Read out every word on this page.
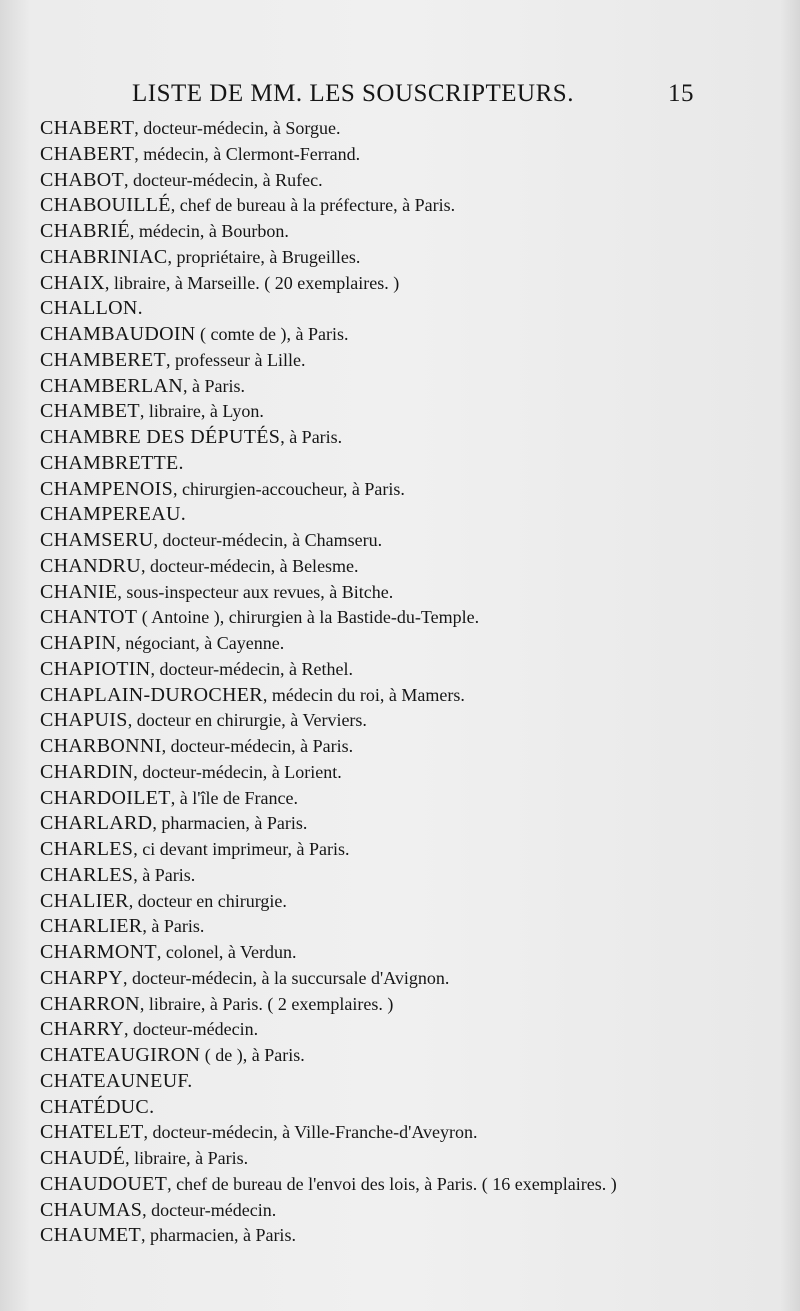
LISTE DE MM. LES SOUSCRIPTEURS.	15
CHABERT, docteur-médecin, à Sorgue.
CHABERT, médecin, à Clermont-Ferrand.
CHABOT, docteur-médecin, à Rufec.
CHABOUILLÉ, chef de bureau à la préfecture, à Paris.
CHABRIÉ, médecin, à Bourbon.
CHABRINIAC, propriétaire, à Brugeilles.
CHAIX, libraire, à Marseille. ( 20 exemplaires. )
CHALLON.
CHAMBAUDOIN ( comte de ), à Paris.
CHAMBERET, professeur à Lille.
CHAMBERLAN, à Paris.
CHAMBET, libraire, à Lyon.
CHAMBRE DES DÉPUTÉS, à Paris.
CHAMBRETTE.
CHAMPENOIS, chirurgien-accoucheur, à Paris.
CHAMPEREAU.
CHAMSERU, docteur-médecin, à Chamseru.
CHANDRU, docteur-médecin, à Belesme.
CHANIE, sous-inspecteur aux revues, à Bitche.
CHANTOT ( Antoine ), chirurgien à la Bastide-du-Temple.
CHAPIN, négociant, à Cayenne.
CHAPIOTIN, docteur-médecin, à Rethel.
CHAPLAIN-DUROCHER, médecin du roi, à Mamers.
CHAPUIS, docteur en chirurgie, à Verviers.
CHARBONNI, docteur-médecin, à Paris.
CHARDIN, docteur-médecin, à Lorient.
CHARDOILET, à l'île de France.
CHARLARD, pharmacien, à Paris.
CHARLES, ci devant imprimeur, à Paris.
CHARLES, à Paris.
CHALIER, docteur en chirurgie.
CHARLIER, à Paris.
CHARMONT, colonel, à Verdun.
CHARPY, docteur-médecin, à la succursale d'Avignon.
CHARRON, libraire, à Paris. ( 2 exemplaires. )
CHARRY, docteur-médecin.
CHATEAUGIRON ( de ), à Paris.
CHATEAUNEUF.
CHATÉDUC.
CHATELET, docteur-médecin, à Ville-Franche-d'Aveyron.
CHAUDÉ, libraire, à Paris.
CHAUDOUET, chef de bureau de l'envoi des lois, à Paris. ( 16 exemplaires. )
CHAUMAS, docteur-médecin.
CHAUMET, pharmacien, à Paris.
